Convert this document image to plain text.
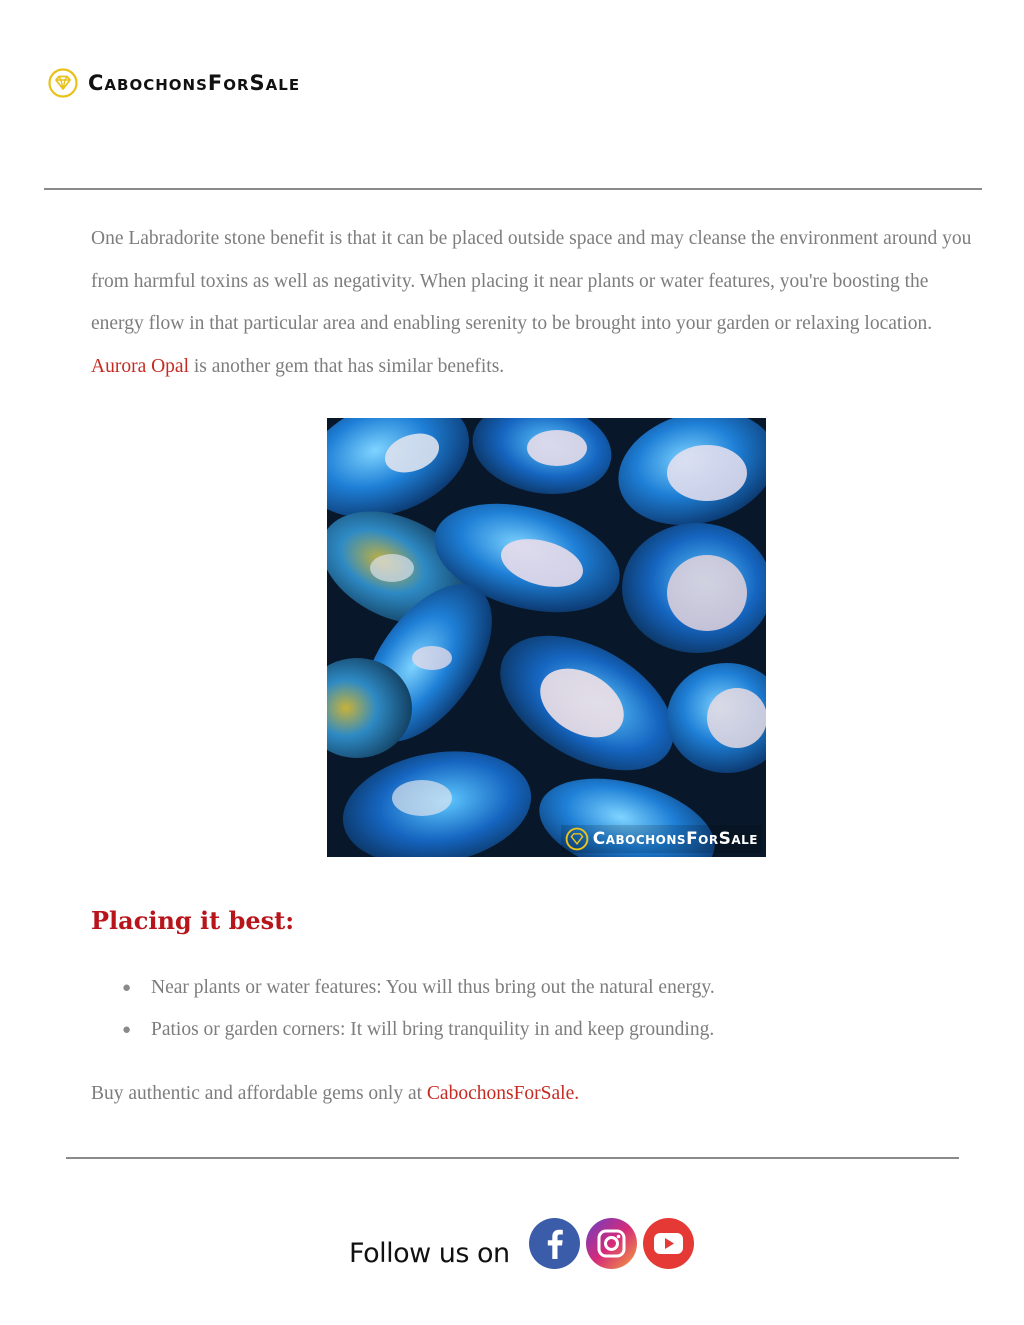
CabochonsForSale

One Labradorite stone benefit is that it can be placed outside space and may cleanse the environment around you from harmful toxins as well as negativity. When placing it near plants or water features, you're boosting the energy flow in that particular area and enabling serenity to be brought into your garden or relaxing location. Aurora Opal is another gem that has similar benefits.

CabochonsForSale
Placing it best:
● Near plants or water features: You will thus bring out the natural energy.
● Patios or garden corners: It will bring tranquility in and keep grounding.

Buy authentic and affordable gems only at CabochonsForSale.

Follow us on
